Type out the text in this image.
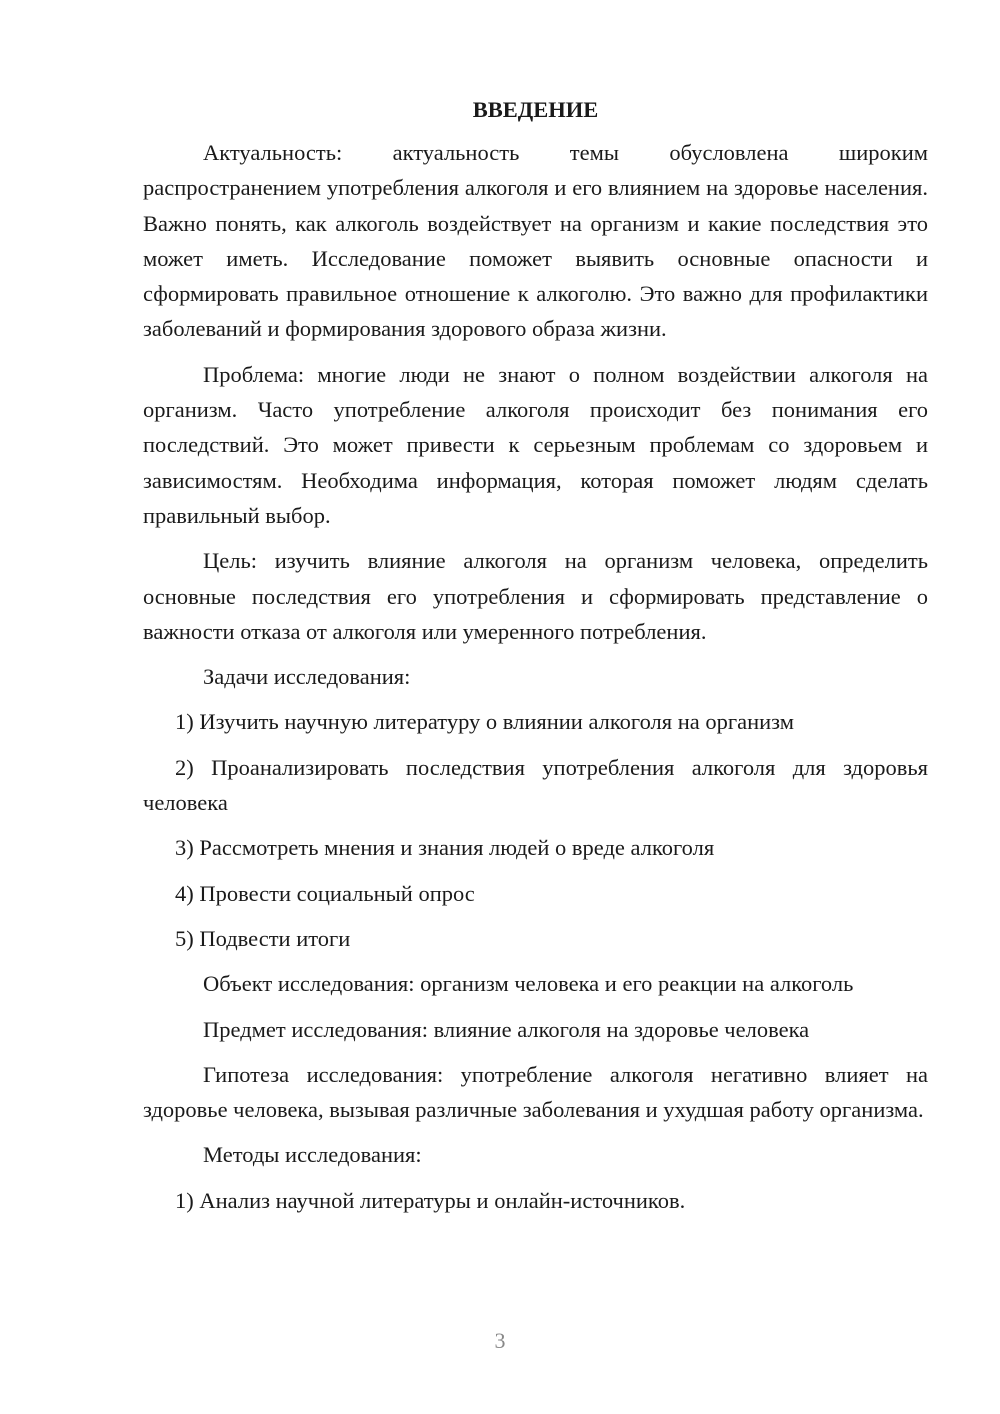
ВВЕДЕНИЕ

Актуальность: актуальность темы обусловлена широким распространением употребления алкоголя и его влиянием на здоровье населения. Важно понять, как алкоголь воздействует на организм и какие последствия это может иметь. Исследование поможет выявить основные опасности и сформировать правильное отношение к алкоголю. Это важно для профилактики заболеваний и формирования здорового образа жизни.

Проблема: многие люди не знают о полном воздействии алкоголя на организм. Часто употребление алкоголя происходит без понимания его последствий. Это может привести к серьезным проблемам со здоровьем и зависимостям. Необходима информация, которая поможет людям сделать правильный выбор.

Цель: изучить влияние алкоголя на организм человека, определить основные последствия его употребления и сформировать представление о важности отказа от алкоголя или умеренного потребления.

Задачи исследования:

1) Изучить научную литературу о влиянии алкоголя на организм

2) Проанализировать последствия употребления алкоголя для здоровья человека

3) Рассмотреть мнения и знания людей о вреде алкоголя

4) Провести социальный опрос

5) Подвести итоги

Объект исследования: организм человека и его реакции на алкоголь

Предмет исследования: влияние алкоголя на здоровье человека

Гипотеза исследования: употребление алкоголя негативно влияет на здоровье человека, вызывая различные заболевания и ухудшая работу организма.

Методы исследования:

1) Анализ научной литературы и онлайн-источников.

3
